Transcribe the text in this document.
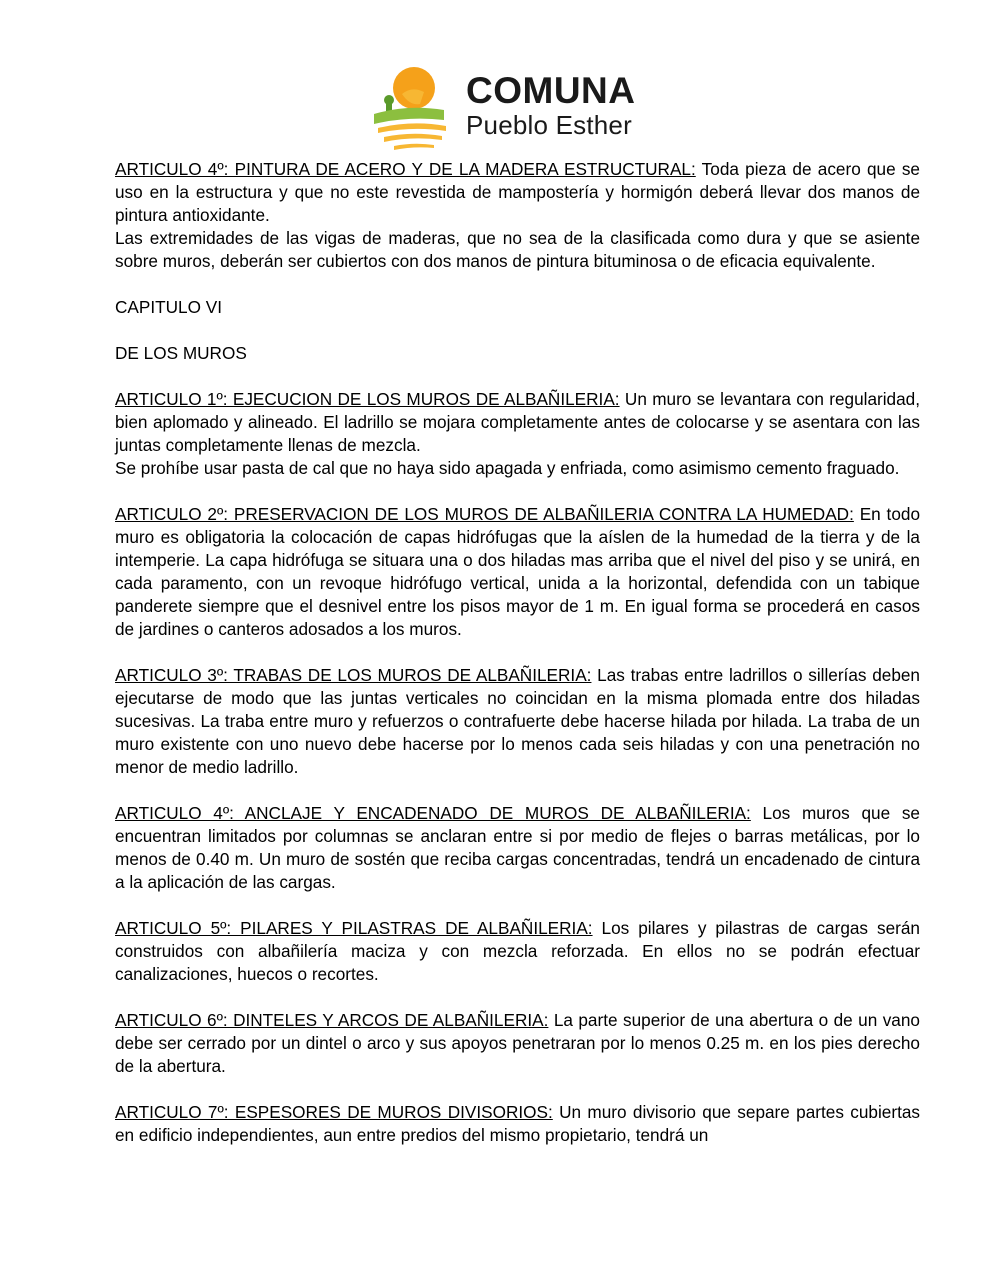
COMUNA
Pueblo Esther

ARTICULO 4º: PINTURA DE ACERO Y DE LA MADERA ESTRUCTURAL: Toda pieza de acero que se uso en la estructura y que no este revestida de mampostería y hormigón deberá llevar dos manos de pintura antioxidante.

Las extremidades de las vigas de maderas, que no sea de la clasificada como dura y que se asiente sobre muros, deberán ser cubiertos con dos manos de pintura bituminosa o de eficacia equivalente.

CAPITULO VI

DE LOS MUROS

ARTICULO 1º: EJECUCION DE LOS MUROS DE ALBAÑILERIA: Un muro se levantara con regularidad, bien aplomado y alineado. El ladrillo se mojara completamente antes de colocarse y se asentara con las juntas completamente llenas de mezcla.

Se prohíbe usar pasta de cal que no haya sido apagada y enfriada, como asimismo cemento fraguado.

ARTICULO 2º: PRESERVACION DE LOS MUROS DE ALBAÑILERIA CONTRA LA HUMEDAD: En todo muro es obligatoria la colocación de capas hidrófugas que la aíslen de la humedad de la tierra y de la intemperie. La capa hidrófuga se situara una o dos hiladas mas arriba que el nivel del piso y se unirá, en cada paramento, con un revoque hidrófugo vertical, unida a la horizontal, defendida con un tabique panderete siempre que el desnivel entre los pisos mayor de 1 m. En igual forma se procederá en casos de jardines o canteros adosados a los muros.

ARTICULO 3º: TRABAS DE LOS MUROS DE ALBAÑILERIA: Las trabas entre ladrillos o sillerías deben ejecutarse de modo que las juntas verticales no coincidan en la misma plomada entre dos hiladas sucesivas. La traba entre muro y refuerzos o contrafuerte debe hacerse hilada por hilada. La traba de un muro existente con uno nuevo debe hacerse por lo menos cada seis hiladas y con una penetración no menor de medio ladrillo.

ARTICULO 4º: ANCLAJE Y ENCADENADO DE MUROS DE ALBAÑILERIA: Los muros que se encuentran limitados por columnas se anclaran entre si por medio de flejes o barras metálicas, por lo menos de 0.40 m. Un muro de sostén que reciba cargas concentradas, tendrá un encadenado de cintura a la aplicación de las cargas.

ARTICULO 5º: PILARES Y PILASTRAS DE ALBAÑILERIA: Los pilares y pilastras de cargas serán construidos con albañilería maciza y con mezcla reforzada. En ellos no se podrán efectuar canalizaciones, huecos o recortes.

ARTICULO 6º: DINTELES Y ARCOS DE ALBAÑILERIA: La parte superior de una abertura o de un vano debe ser cerrado por un dintel o arco y sus apoyos penetraran por lo menos 0.25 m. en los pies derecho de la abertura.

ARTICULO 7º: ESPESORES DE MUROS DIVISORIOS: Un muro divisorio que separe partes cubiertas en edificio independientes, aun entre predios del mismo propietario, tendrá un
